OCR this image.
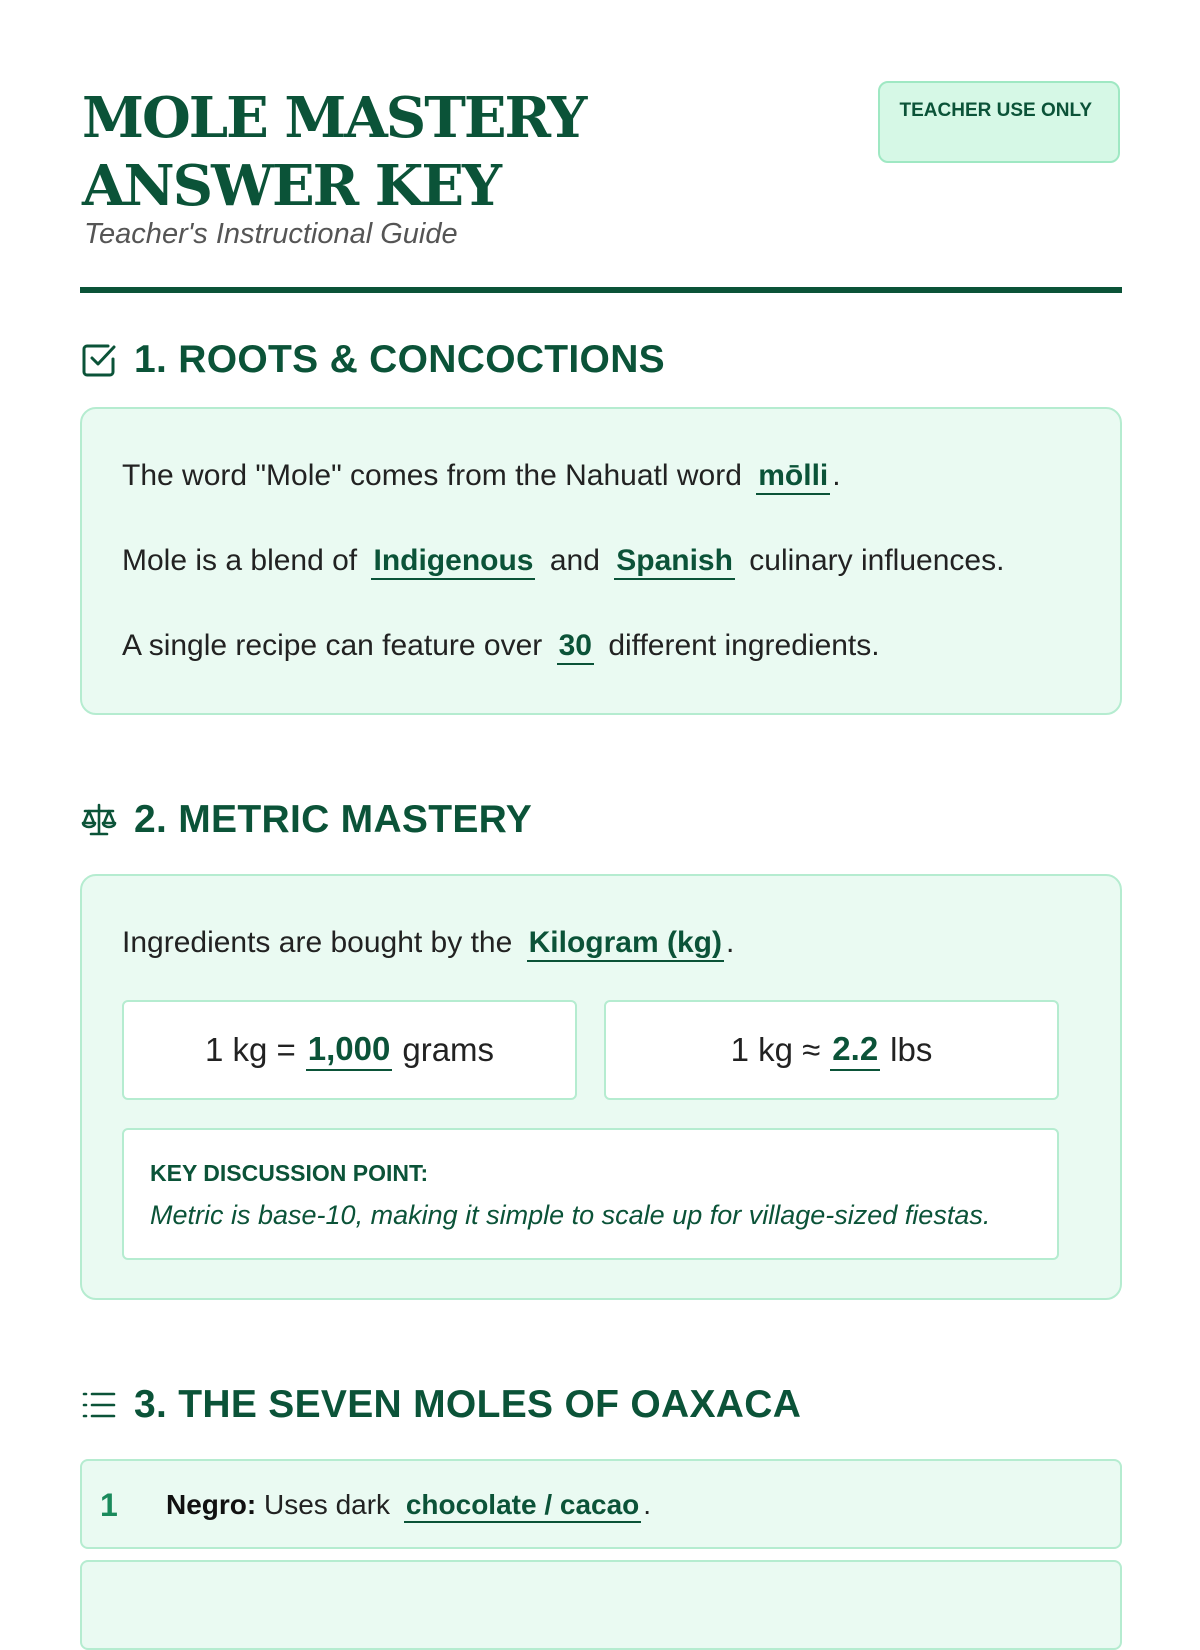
MOLE MASTERY ANSWER KEY
Teacher's Instructional Guide
TEACHER USE ONLY
1. ROOTS & CONCOCTIONS
The word "Mole" comes from the Nahuatl word mōlli .
Mole is a blend of Indigenous and Spanish culinary influences.
A single recipe can feature over 30 different ingredients.
2. METRIC MASTERY
Ingredients are bought by the Kilogram (kg) .
1 kg = 1,000 grams	1 kg ≈ 2.2 lbs
KEY DISCUSSION POINT:
Metric is base-10, making it simple to scale up for village-sized fiestas.
3. THE SEVEN MOLES OF OAXACA
1 Negro: Uses dark chocolate / cacao .
